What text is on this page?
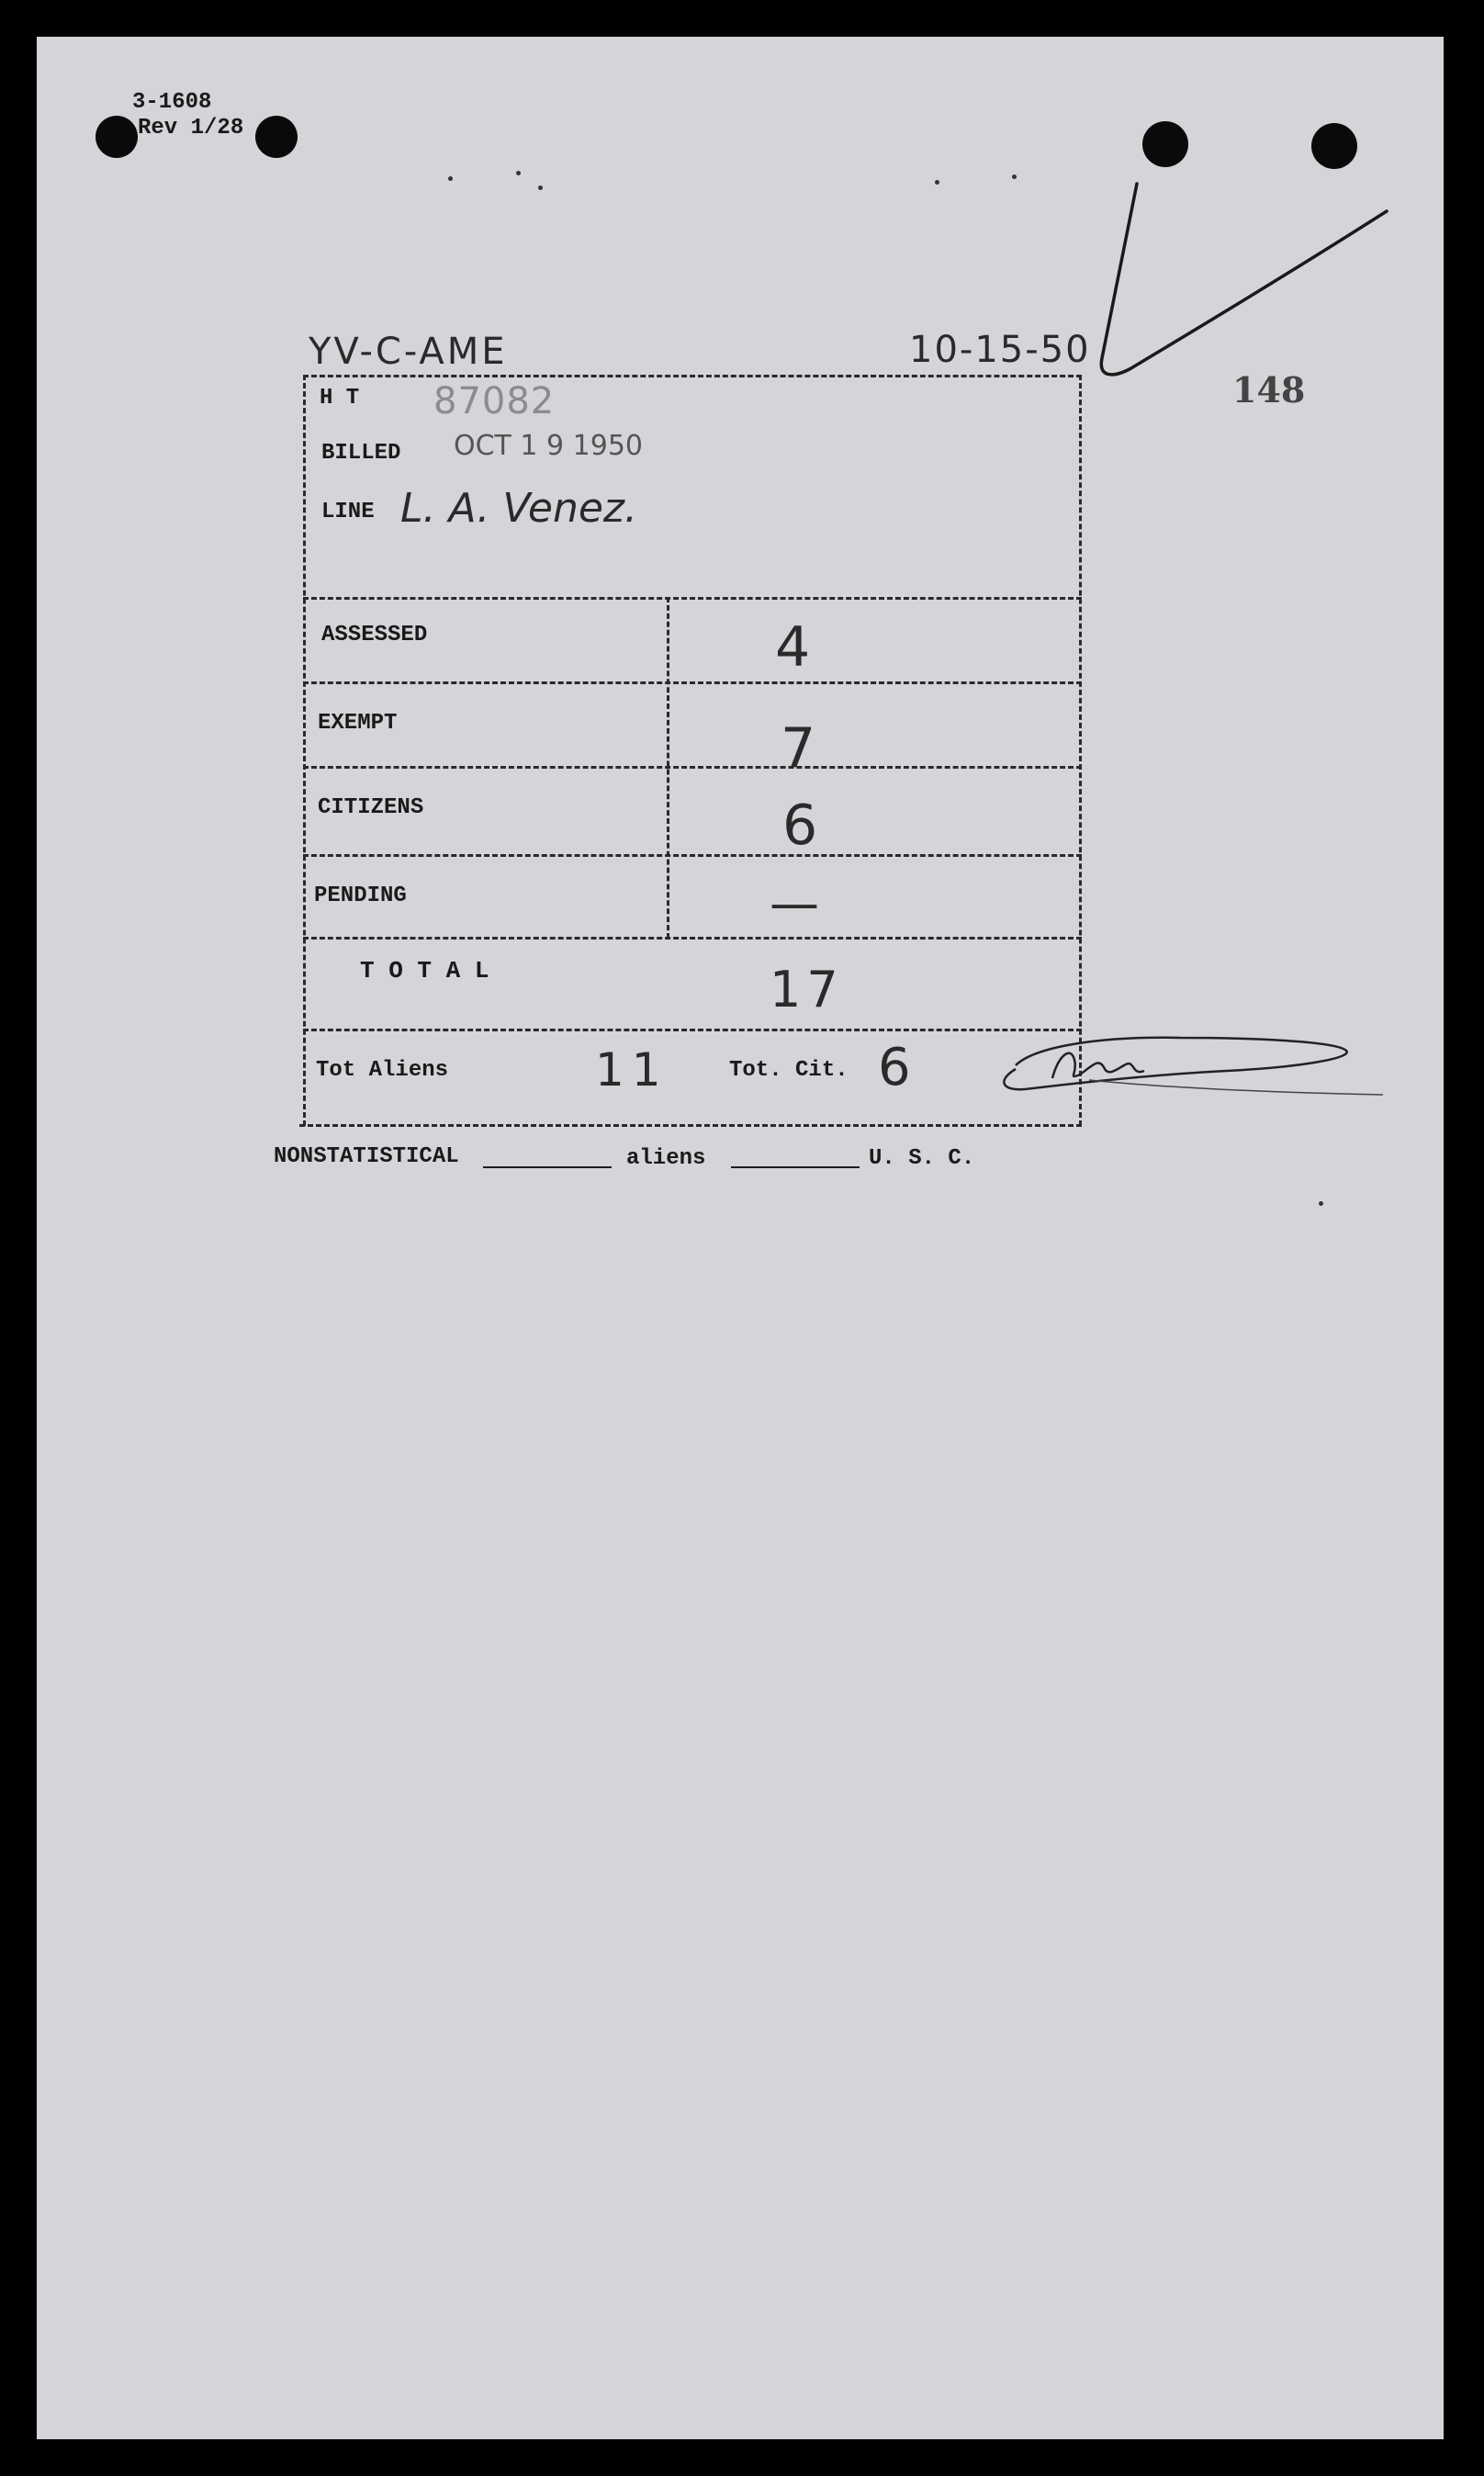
3-1608
Rev 1/28
YV-C-AME	10-15-50
148
H T 87082
BILLED OCT 1 9 1950
LINE L. A. Venez.
ASSESSED	4
EXEMPT	7
CITIZENS	6
PENDING	—
T O T A L	17
Tot Aliens	11	Tot. Cit. 6
NONSTATISTICAL	aliens	U. S. C.
